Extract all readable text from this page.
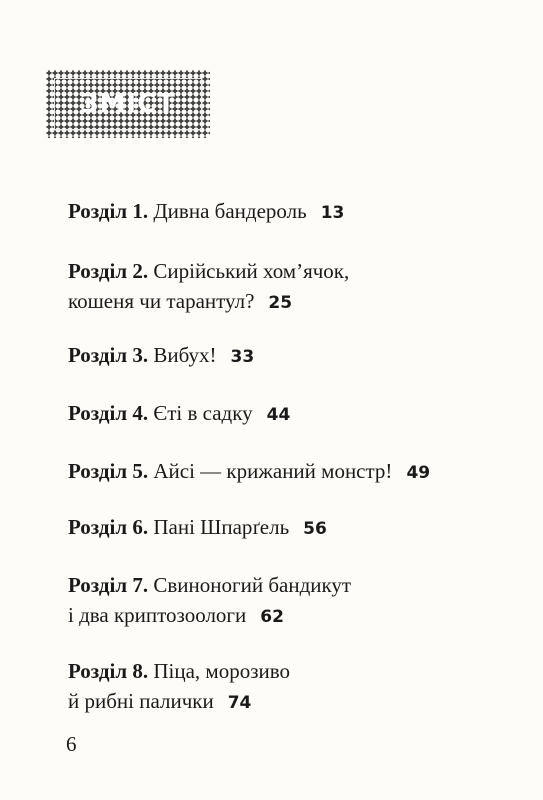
ЗМІСТ
Розділ 1. Дивна бандероль 13
Розділ 2. Сирійський хом’ячок,
кошеня чи тарантул? 25
Розділ 3. Вибух! 33
Розділ 4. Єті в садку 44
Розділ 5. Айсі — крижаний монстр! 49
Розділ 6. Пані Шпарґель 56
Розділ 7. Свиноногий бандикут
і два криптозоологи 62
Розділ 8. Піца, морозиво
й рибні палички 74
6
